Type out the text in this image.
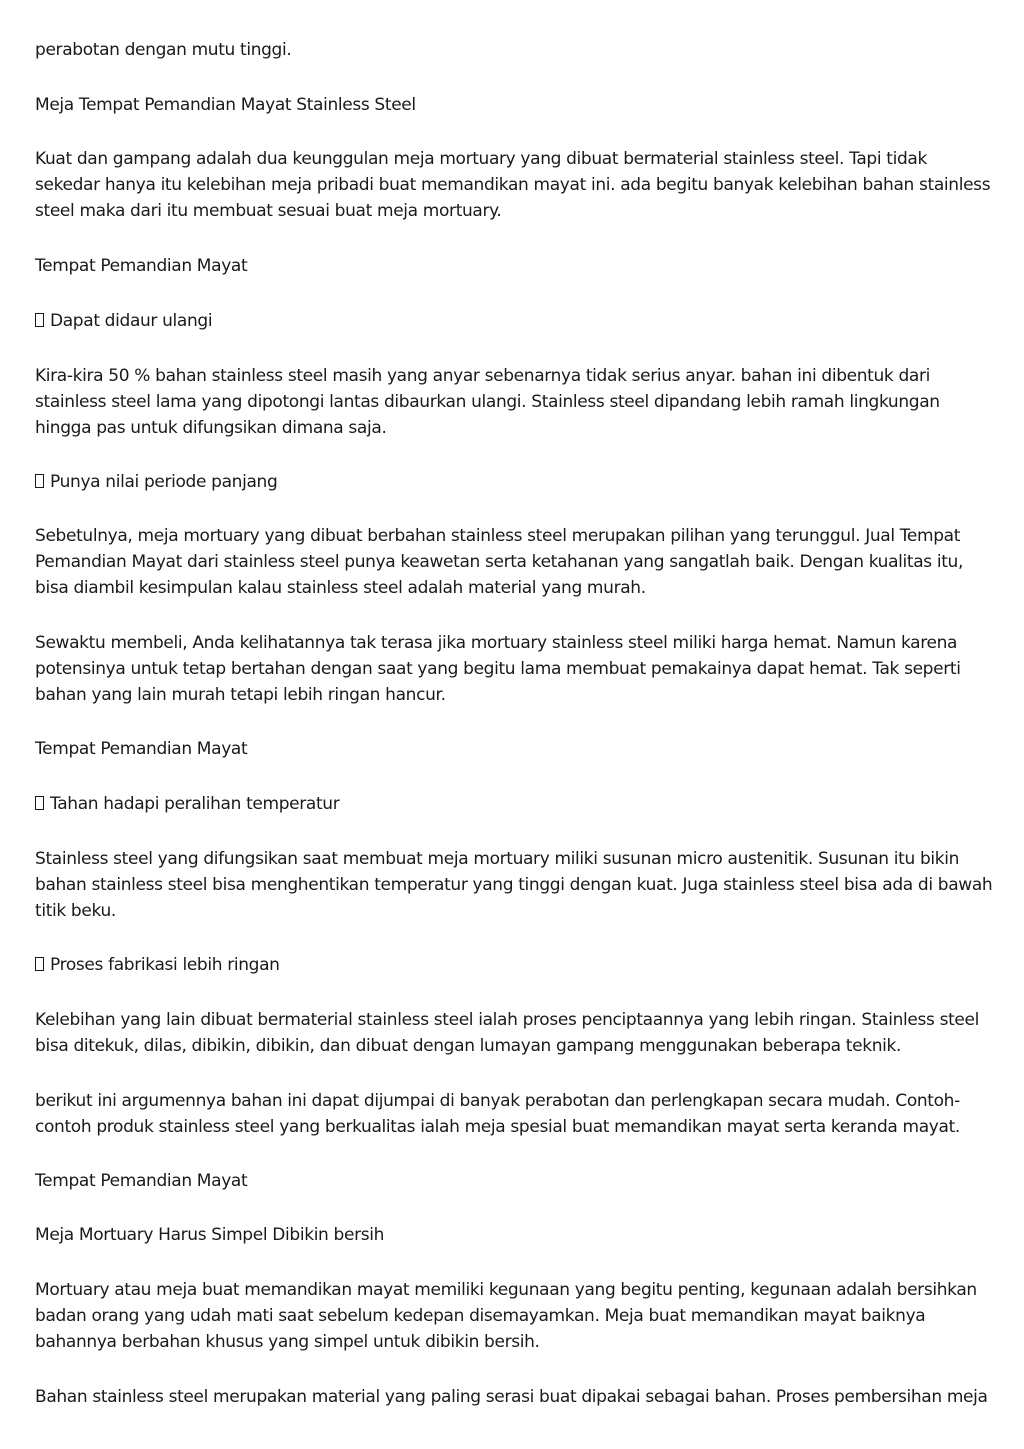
perabotan dengan mutu tinggi.

Meja Tempat Pemandian Mayat Stainless Steel

Kuat dan gampang adalah dua keunggulan meja mortuary yang dibuat bermaterial stainless steel. Tapi tidak sekedar hanya itu kelebihan meja pribadi buat memandikan mayat ini. ada begitu banyak kelebihan bahan stainless steel maka dari itu membuat sesuai buat meja mortuary.

Tempat Pemandian Mayat

Dapat didaur ulangi

Kira-kira 50 % bahan stainless steel masih yang anyar sebenarnya tidak serius anyar. bahan ini dibentuk dari stainless steel lama yang dipotongi lantas dibaurkan ulangi. Stainless steel dipandang lebih ramah lingkungan hingga pas untuk difungsikan dimana saja.

Punya nilai periode panjang

Sebetulnya, meja mortuary yang dibuat berbahan stainless steel merupakan pilihan yang terunggul. Jual Tempat Pemandian Mayat dari stainless steel punya keawetan serta ketahanan yang sangatlah baik. Dengan kualitas itu, bisa diambil kesimpulan kalau stainless steel adalah material yang murah.

Sewaktu membeli, Anda kelihatannya tak terasa jika mortuary stainless steel miliki harga hemat. Namun karena potensinya untuk tetap bertahan dengan saat yang begitu lama membuat pemakainya dapat hemat. Tak seperti bahan yang lain murah tetapi lebih ringan hancur.

Tempat Pemandian Mayat

Tahan hadapi peralihan temperatur

Stainless steel yang difungsikan saat membuat meja mortuary miliki susunan micro austenitik. Susunan itu bikin bahan stainless steel bisa menghentikan temperatur yang tinggi dengan kuat. Juga stainless steel bisa ada di bawah titik beku.

Proses fabrikasi lebih ringan

Kelebihan yang lain dibuat bermaterial stainless steel ialah proses penciptaannya yang lebih ringan. Stainless steel bisa ditekuk, dilas, dibikin, dibikin, dan dibuat dengan lumayan gampang menggunakan beberapa teknik.

berikut ini argumennya bahan ini dapat dijumpai di banyak perabotan dan perlengkapan secara mudah. Contoh-contoh produk stainless steel yang berkualitas ialah meja spesial buat memandikan mayat serta keranda mayat.

Tempat Pemandian Mayat

Meja Mortuary Harus Simpel Dibikin bersih

Mortuary atau meja buat memandikan mayat memiliki kegunaan yang begitu penting, kegunaan adalah bersihkan badan orang yang udah mati saat sebelum kedepan disemayamkan. Meja buat memandikan mayat baiknya bahannya berbahan khusus yang simpel untuk dibikin bersih.

Bahan stainless steel merupakan material yang paling serasi buat dipakai sebagai bahan. Proses pembersihan meja
